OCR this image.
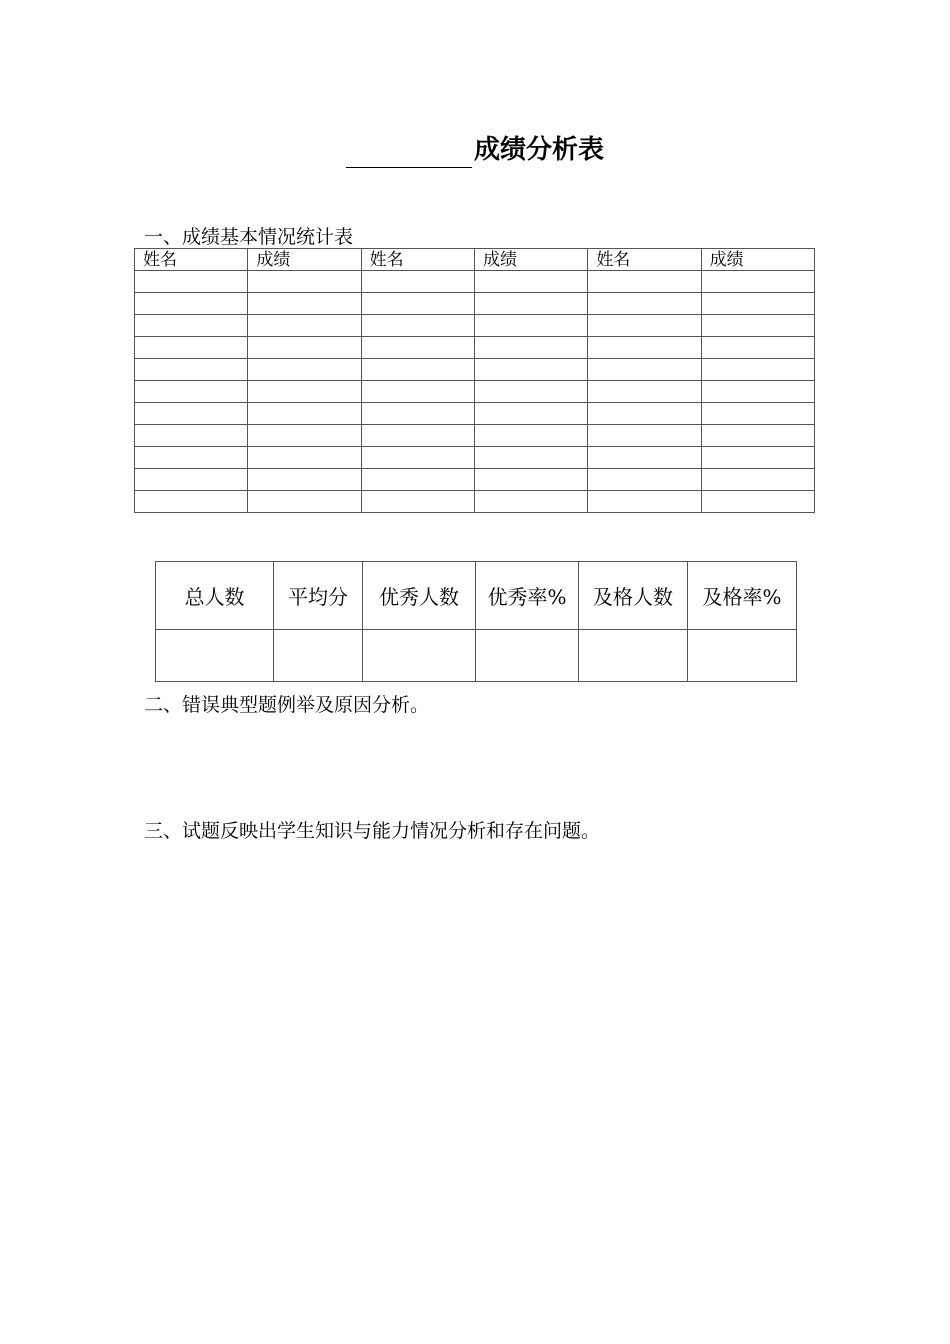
成绩分析表
一、成绩基本情况统计表
姓名	成绩	姓名	成绩	姓名	成绩

总人数	平均分	优秀人数	优秀率%	及格人数	及格率%

二、错误典型题例举及原因分析。
三、试题反映出学生知识与能力情况分析和存在问题。
